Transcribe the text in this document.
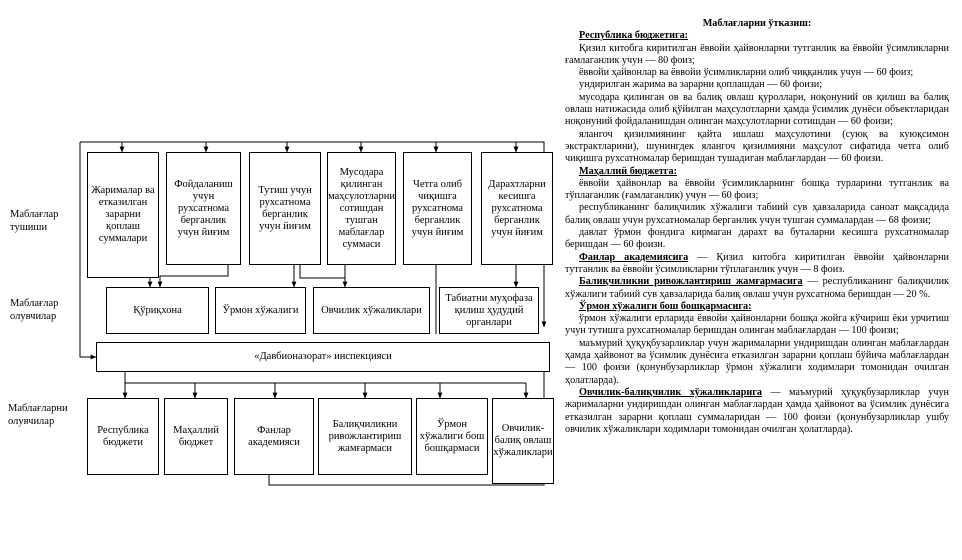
Маблағлар тушиши
Маблағлар олувчилар
Маблағларни олувчилар
Жарималар ва етказилган зарарни қоплаш суммалари
Фойдаланиш учун рухсатнома берганлик учун йиғим
Тутиш учун рухсатнома берганлик учун йиғим
Мусодара қилинган маҳсулотларни сотишдан тушган маблағлар суммаси
Четга олиб чиқишга рухсатнома берганлик учун йиғим
Дарахтларни кесишга рухсатнома берганлик учун йиғим
Қўриқхона	Ўрмон хўжалиги Овчилик хўжаликлари
Табиатни муҳофаза қилиш ҳудудий органлари
«Давбионазорат» инспекцияси
Республика бюджети
Маҳаллий бюджет
Фанлар академияси
Балиқчиликни ривожлантириш жамғармаси
Ўрмон хўжалиги бош бошқармаси
Овчилик-балиқ овлаш хўжаликлари
Маблағларни ўтказиш:
Республика бюджетига:

Қизил китобга киритилган ёввойи ҳайвонларни тутганлик ва ёввойи ўсимликларни ғамлаганлик учун — 80 фоиз;

ёввойи ҳайвонлар ва ёввойи ўсимликларни олиб чиққанлик учун — 60 фоиз;

ундирилган жарима ва зарарни қоплашдан — 60 фоизи;

мусодара қилинган ов ва балиқ овлаш қуроллари, ноқонуний ов қилиш ва балиқ овлаш натижасида олиб қўйилган маҳсулотларни ҳамда ўсимлик дунёси объектларидан ноқонуний фойдаланишдан олинган маҳсулотларни сотишдан — 60 фоизи;

ялангоч қизилмиянинг қайта ишлаш маҳсулотини (суюқ ва куюқсимон экстрактларини), шунингдек ялангоч қизилмияни маҳсулот сифатида четга олиб чиқишга рухсатномалар беришдан тушадиган маблағлардан — 60 фоизи.

Маҳаллий бюджетга:

ёввойи ҳайвонлар ва ёввойи ўсимликларнинг бошқа турларини тутганлик ва тўплаганлик (ғамлаганлик) учун — 60 фоиз;

республиканинг балиқчилик хўжалиги табиий сув ҳавзаларида саноат мақсадида балиқ овлаш учун рухсатномалар берганлик учун тушган суммалардан — 68 фоизи;

давлат ўрмон фондига кирмаган дарахт ва буталарни кесишга рухсатномалар беришдан — 60 фоизи.

Фанлар академиясига — Қизил китобга киритилган ёввойи ҳайвонларни тутганлик ва ёввойи ўсимликларни тўплаганлик учун — 8 фоиз.

Балиқчиликни ривожлантириш жамғармасига — республиканинг балиқчилик хўжалиги табиий сув ҳавзаларида балиқ овлаш учун рухсатнома беришдан — 20 %.

Ўрмон хўжалиги бош бошқармасига:

ўрмон хўжалиги ерларида ёввойи ҳайвонларни бошқа жойга кўчириш ёки урчитиш учун тутишга рухсатномалар беришдан олинган маблағлардан — 100 фоизи;

маъмурий ҳуқуқбузарликлар учун жарималарни ундиришдан олинган маблағлардан ҳамда ҳайвонот ва ўсимлик дунёсига етказилган зарарни қоплаш бўйича маблағлардан — 100 фоизи (қонунбузарликлар ўрмон хўжалиги ходимлари томонидан очилган ҳолатларда).

Овчилик-балиқчилик хўжаликларига — маъмурий ҳуқуқбузарликлар учун жарималарни ундиришдан олинган маблағлардан ҳамда ҳайвонот ва ўсимлик дунёсига етказилган зарарни қоплаш суммаларидан — 100 фоизи (қонунбузарликлар ушбу овчилик хўжаликлари ходимлари томонидан очилган ҳолатларда).
